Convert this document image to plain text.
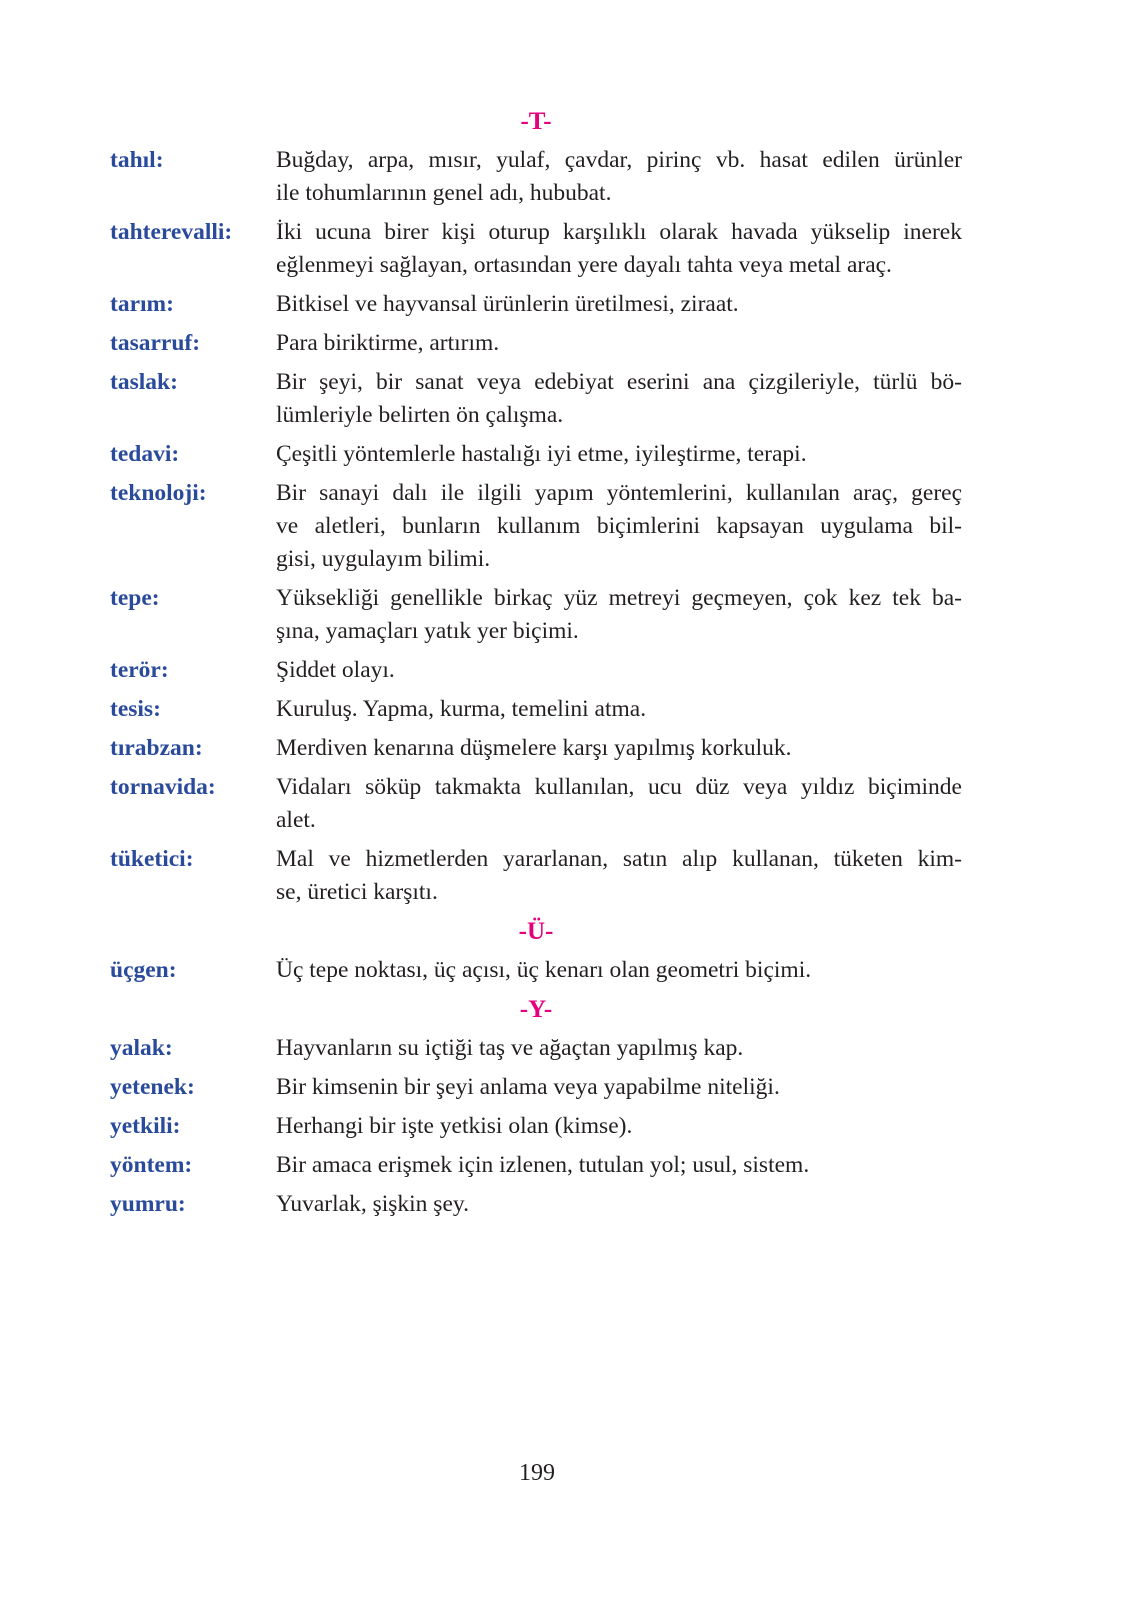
-T-
tahıl:	Buğday, arpa, mısır, yulaf, çavdar, pirinç vb. hasat edilen ürünler
ile tohumlarının genel adı, hububat.
tahterevalli:	İki ucuna birer kişi oturup karşılıklı olarak havada yükselip inerek
eğlenmeyi sağlayan, ortasından yere dayalı tahta veya metal araç.
tarım:	Bitkisel ve hayvansal ürünlerin üretilmesi, ziraat.
tasarruf:	Para biriktirme, artırım.
taslak:	Bir şeyi, bir sanat veya edebiyat eserini ana çizgileriyle, türlü bö-
lümleriyle belirten ön çalışma.
tedavi:	Çeşitli yöntemlerle hastalığı iyi etme, iyileştirme, terapi.
teknoloji:	Bir sanayi dalı ile ilgili yapım yöntemlerini, kullanılan araç, gereç
ve aletleri, bunların kullanım biçimlerini kapsayan uygulama bil-
gisi, uygulayım bilimi.
tepe:	Yüksekliği genellikle birkaç yüz metreyi geçmeyen, çok kez tek ba-
şına, yamaçları yatık yer biçimi.
terör:	Şiddet olayı.
tesis:	Kuruluş. Yapma, kurma, temelini atma.
tırabzan:	Merdiven kenarına düşmelere karşı yapılmış korkuluk.
tornavida:	Vidaları söküp takmakta kullanılan, ucu düz veya yıldız biçiminde
alet.
tüketici:	Mal ve hizmetlerden yararlanan, satın alıp kullanan, tüketen kim-
se, üretici karşıtı.
-Ü-
üçgen:	Üç tepe noktası, üç açısı, üç kenarı olan geometri biçimi.
-Y-
yalak:	Hayvanların su içtiği taş ve ağaçtan yapılmış kap.
yetenek:	Bir kimsenin bir şeyi anlama veya yapabilme niteliği.
yetkili:	Herhangi bir işte yetkisi olan (kimse).
yöntem:	Bir amaca erişmek için izlenen, tutulan yol; usul, sistem.
yumru:	Yuvarlak, şişkin şey.
199
